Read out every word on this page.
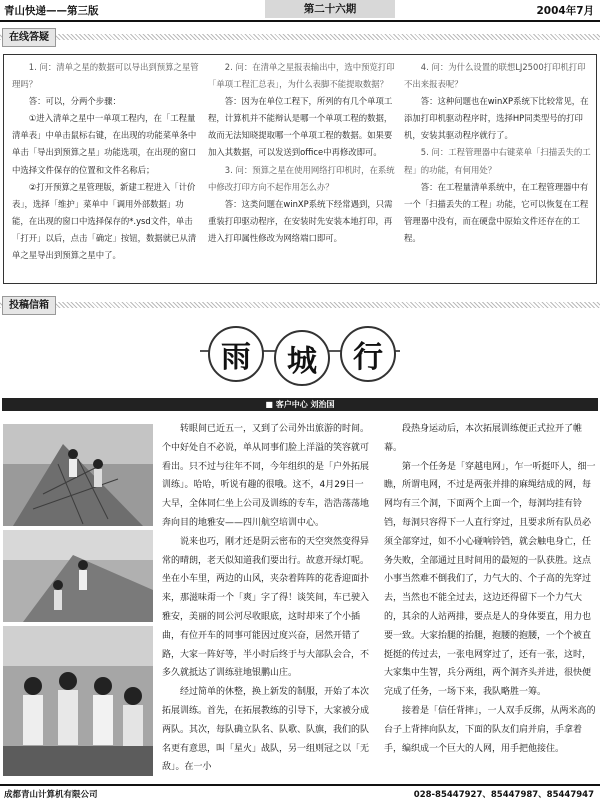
青山快递——第三版	第二十六期	2004年7月
在线答疑

1. 问：清单之星的数据可以导出到预算之星管理吗？

答：可以，分两个步骤：

①进入清单之星中一单项工程内，在「工程量清单表」中单击鼠标右键，在出现的功能菜单条中单击「导出到预算之星」功能选项，在出现的窗口中选择文件保存的位置和文件名称后；

②打开预算之星管理版，新建工程进入「计价表」，选择「维护」菜单中「调用外部数据」功能，在出现的窗口中选择保存的*.ysd文件，单击「打开」以后，点击「确定」按钮，数据就已从清单之星导出到预算之星中了。

2. 问：在清单之星报表输出中，选中预览打印「单项工程汇总表」，为什么表脚不能提取数据？

答：因为在单位工程下，所列的有几个单项工程，计算机并不能辩认是哪一个单项工程的数据，故而无法知晓提取哪一个单项工程的数据。如果要加入其数据，可以发送到office中再修改即可。

3. 问：预算之星在使用网络打印机时，在系统中修改打印方向不起作用怎么办？

答：这类问题在winXP系统下经常遇到，只需重装打印驱动程序，在安装时先安装本地打印，再进入打印属性修改为网络端口即可。

4. 问：为什么设置的联想LJ2500打印机打印不出来报表呢？

答：这种问题也在winXP系统下比较常见，在添加打印机驱动程序时，选择HP同类型号的打印机，安装其驱动程序就行了。

5. 问：工程管理器中右键菜单「扫描丢失的工程」的功能，有何用处？

答：在工程量清单系统中，在工程管理器中有一个「扫描丢失的工程」功能，它可以恢复在工程管理器中没有，而在硬盘中原始文件还存在的工程。

投稿信箱
雨	城	行
■ 客户中心 刘治国

转眼间已近五一，又到了公司外出旅游的时间。个中好处自不必说，单从同事们脸上洋溢的笑容就可看出。只不过与往年不同，今年组织的是「户外拓展训练」。哈哈，听说有趣的很哦。这不，4月29日一大早，全体同仁坐上公司及训练的专车，浩浩荡荡地奔向目的地雅安——四川航空培训中心。

说来也巧，刚才还是阴云密布的天空突然变得异常的晴朗，老天似知道我们要出行。故意开绿灯呢。坐在小车里，两边的山风，夹杂着阵阵的花香迎面扑来，那滋味甭一个「爽」字了得！谈笑间，车已驶入雅安，美丽的同公河尽收眼底，这时却来了个小插曲，有位开车的同事可能因过度兴奋，居然开错了路，大家一阵好等，半小时后终于与大部队会合，不多久就抵达了训练驻地银鹏山庄。

经过简单的休整，换上新发的制服，开始了本次拓展训练。首先，在拓展教练的引导下，大家被分成两队。其次，每队确立队名、队歌、队旗，我们的队名更有意思，叫「星火」战队，另一组则冠之以「无敌」。在一小

段热身运动后，本次拓展训练便正式拉开了帷幕。

第一个任务是「穿越电网」，乍一听挺吓人，细一瞧，所谓电网，不过是两张并排的麻绳结成的网，每网均有三个洞，下面两个上面一个，每洞均挂有铃铛，每洞只容得下一人直行穿过，且要求所有队员必须全部穿过，如不小心碰响铃铛，就会触电身亡，任务失败，全部通过且时间用的最短的一队获胜。这点小事当然难不倒我们了，力气大的、个子高的先穿过去，当然也不能全过去，这边还得留下一个力气大的，其余的人站两排，要点是人的身体要直，用力也要一致。大家抬腿的抬腿，抱腰的抱腰，一个个被直挺挺的传过去，一张电网穿过了，还有一张，这时，大家集中生智，兵分两组，两个洞齐头并进，很快便完成了任务，一场下来，我队略胜一筹。

接着是「信任背摔」，一人双手反绑，从两米高的台子上背摔向队友，下面的队友们肩并肩，手拿着手，编织成一个巨大的人网，用手把他接住。

成都青山计算机有限公司	028-85447927、85447987、85447947
